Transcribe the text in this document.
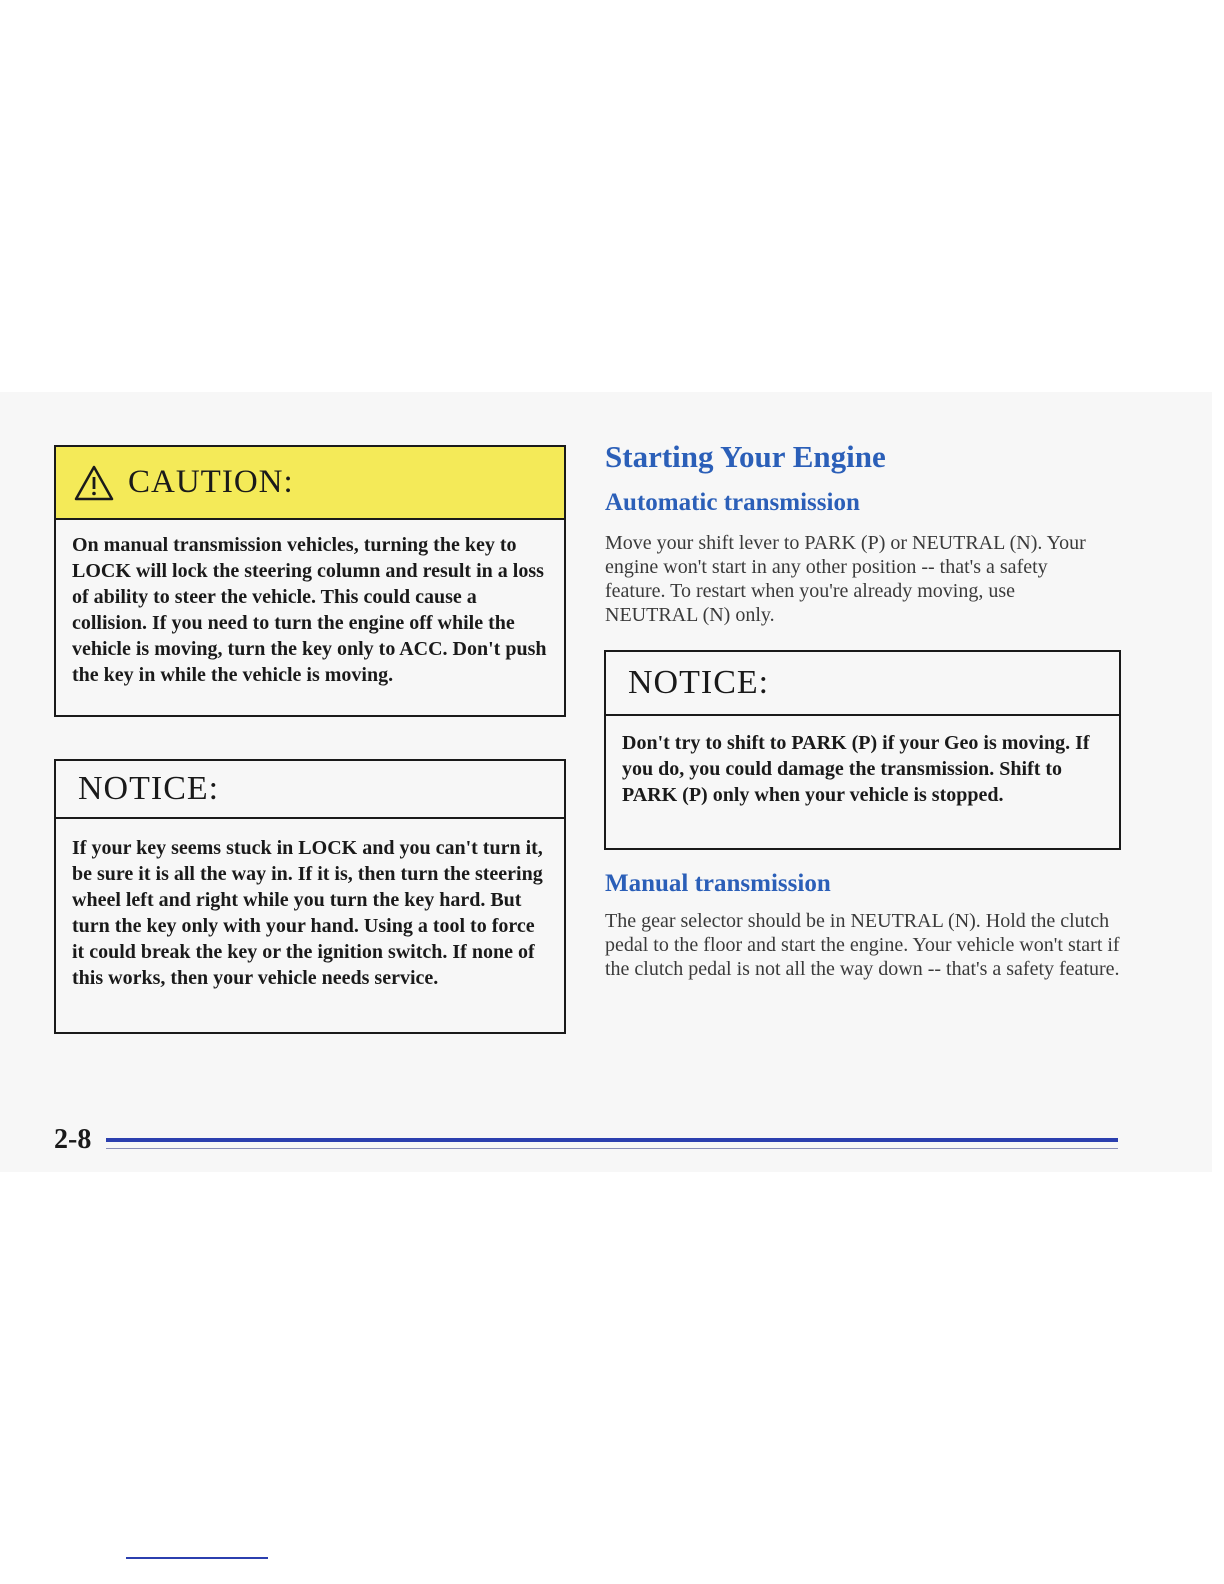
CAUTION:
On manual transmission vehicles, turning the key to LOCK will lock the steering column and result in a loss of ability to steer the vehicle. This could cause a collision. If you need to turn the engine off while the vehicle is moving, turn the key only to ACC. Don't push the key in while the vehicle is moving.
NOTICE:
If your key seems stuck in LOCK and you can't turn it, be sure it is all the way in. If it is, then turn the steering wheel left and right while you turn the key hard. But turn the key only with your hand. Using a tool to force it could break the key or the ignition switch. If none of this works, then your vehicle needs service.
Starting Your Engine
Automatic transmission

Move your shift lever to PARK (P) or NEUTRAL (N). Your engine won't start in any other position -- that's a safety feature. To restart when you're already moving, use NEUTRAL (N) only.

NOTICE:
Don't try to shift to PARK (P) if your Geo is moving. If you do, you could damage the transmission. Shift to PARK (P) only when your vehicle is stopped.
Manual transmission

The gear selector should be in NEUTRAL (N). Hold the clutch pedal to the floor and start the engine. Your vehicle won't start if the clutch pedal is not all the way down -- that's a safety feature.

2-8
